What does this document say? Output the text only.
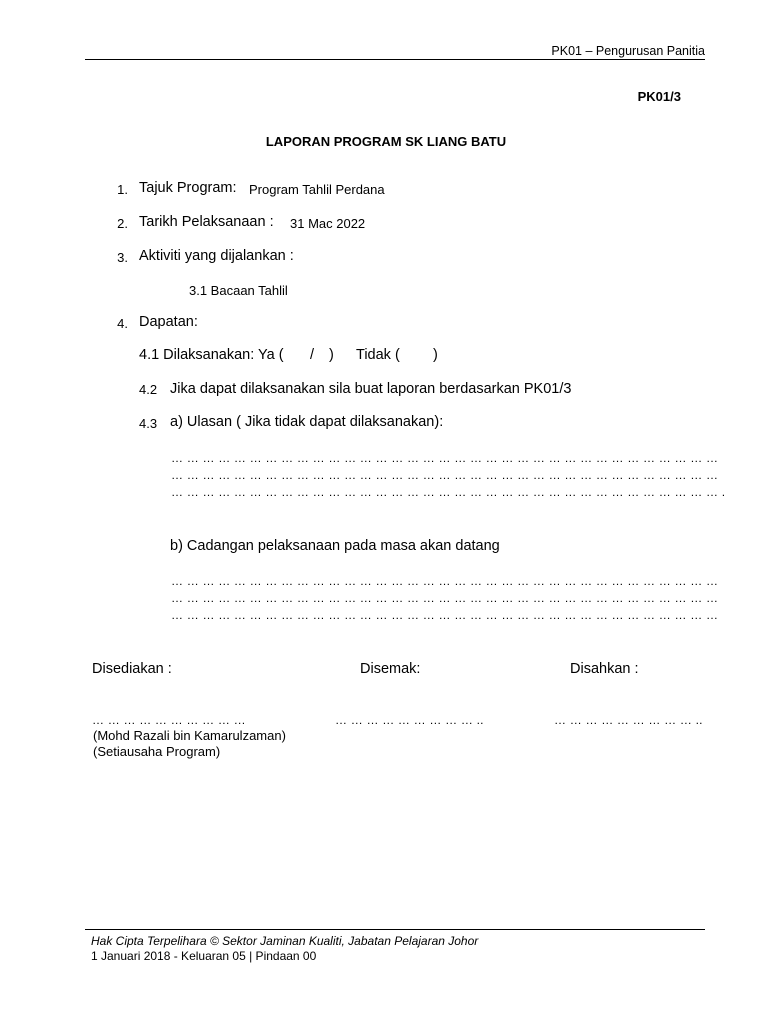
PK01 – Pengurusan Panitia
PK01/3
LAPORAN PROGRAM SK LIANG BATU
1. Tajuk Program: Program Tahlil Perdana
2. Tarikh Pelaksanaan : 31 Mac 2022
3. Aktiviti yang dijalankan :
3.1 Bacaan Tahlil
4. Dapatan:
4.1 Dilaksanakan: Ya ( / ) Tidak ( )
4.2 Jika dapat dilaksanakan sila buat laporan berdasarkan PK01/3
4.3 a) Ulasan ( Jika tidak dapat dilaksanakan):
… … … … … … … … … … … … … … … … … … … … … … … … … … … … … … … … … … …
… … … … … … … … … … … … … … … … … … … … … … … … … … … … … … … … … … …
… … … … … … … … … … … … … … … … … … … … … … … … … … … … … … … … … … … .
b) Cadangan pelaksanaan pada masa akan datang
… … … … … … … … … … … … … … … … … … … … … … … … … … … … … … … … … … …
… … … … … … … … … … … … … … … … … … … … … … … … … … … … … … … … … … …
… … … … … … … … … … … … … … … … … … … … … … … … … … … … … … … … … … …
Disediakan :	Disemak:	Disahkan :
… … … … … … … … … …	… … … … … … … … … ..	… … … … … … … … … ..
(Mohd Razali bin Kamarulzaman)
(Setiausaha Program)
Hak Cipta Terpelihara © Sektor Jaminan Kualiti, Jabatan Pelajaran Johor
1 Januari 2018 - Keluaran 05 | Pindaan 00
